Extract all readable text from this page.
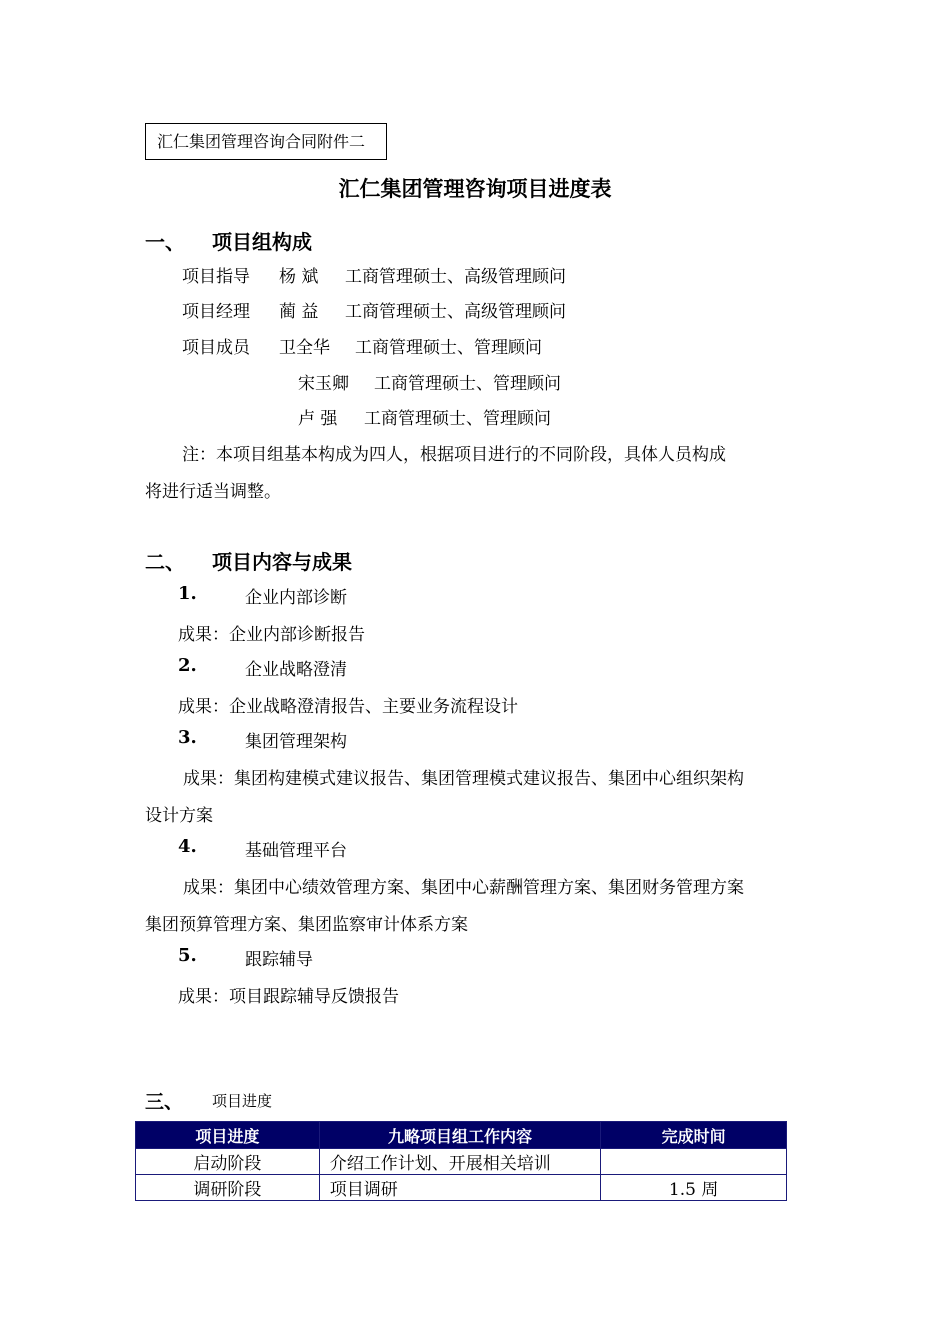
汇仁集团管理咨询合同附件二
汇仁集团管理咨询项目进度表
一、 项目组构成
项目指导 杨 斌 工商管理硕士、高级管理顾问
项目经理 蔺 益 工商管理硕士、高级管理顾问
项目成员 卫全华 工商管理硕士、管理顾问
宋玉卿 工商管理硕士、管理顾问
卢 强 工商管理硕士、管理顾问
注：本项目组基本构成为四人，根据项目进行的不同阶段，具体人员构成
将进行适当调整。
二、 项目内容与成果
1.	企业内部诊断
成果：企业内部诊断报告
2.	企业战略澄清
成果：企业战略澄清报告、主要业务流程设计
3.	集团管理架构
成果：集团构建模式建议报告、集团管理模式建议报告、集团中心组织架构
设计方案
4.	基础管理平台
成果：集团中心绩效管理方案、集团中心薪酬管理方案、集团财务管理方案
集团预算管理方案、集团监察审计体系方案
5.	跟踪辅导
成果：项目跟踪辅导反馈报告
三、 项目进度
项目进度	九略项目组工作内容	完成时间
启动阶段	介绍工作计划、开展相关培训	
调研阶段	项目调研	1.5 周
